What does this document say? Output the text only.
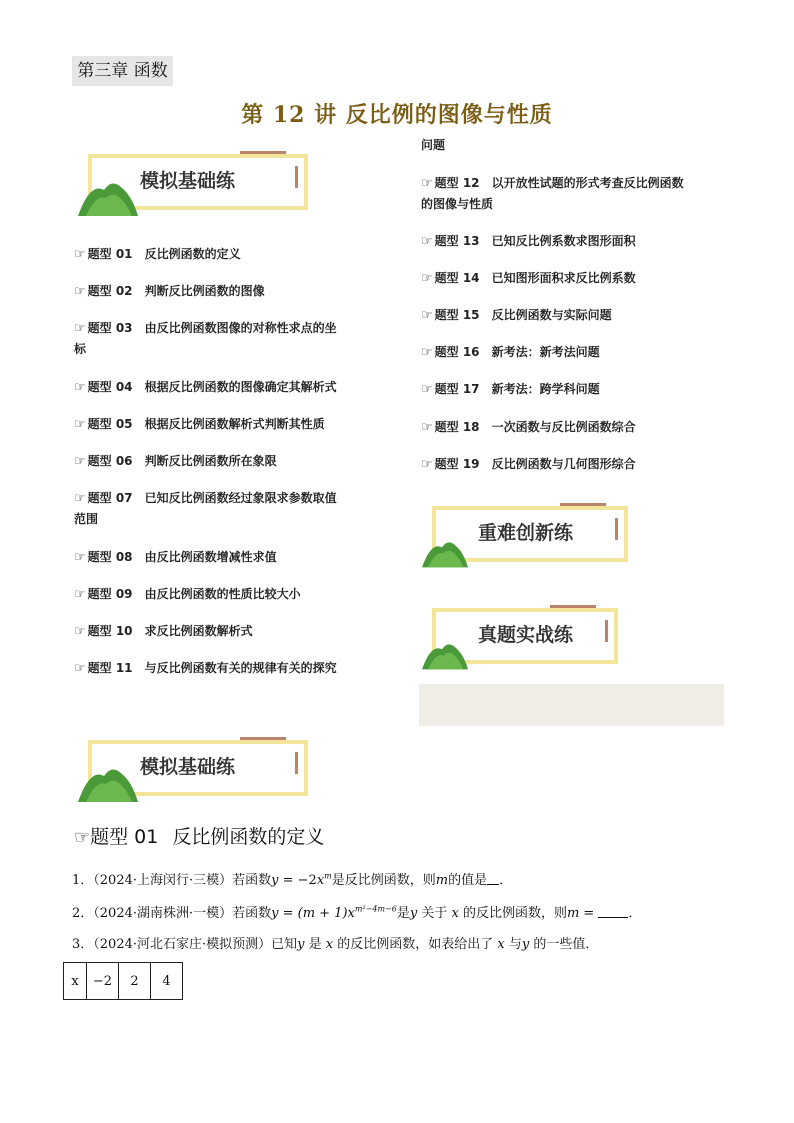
第三章 函数
第 12 讲 反比例的图像与性质
模拟基础练
☞ 题型 01 反比例函数的定义
☞ 题型 02 判断反比例函数的图像
☞ 题型 03 由反比例函数图像的对称性求点的坐
标
☞ 题型 04 根据反比例函数的图像确定其解析式
☞ 题型 05 根据反比例函数解析式判断其性质
☞ 题型 06 判断反比例函数所在象限
☞ 题型 07 已知反比例函数经过象限求参数取值
范围
☞ 题型 08 由反比例函数增减性求值
☞ 题型 09 由反比例函数的性质比较大小
☞ 题型 10 求反比例函数解析式
☞ 题型 11 与反比例函数有关的规律有关的探究
问题
☞ 题型 12 以开放性试题的形式考查反比例函数
的图像与性质
☞ 题型 13 已知反比例系数求图形面积
☞ 题型 14 已知图形面积求反比例系数
☞ 题型 15 反比例函数与实际问题
☞ 题型 16 新考法：新考法问题
☞ 题型 17 新考法：跨学科问题
☞ 题型 18 一次函数与反比例函数综合
☞ 题型 19 反比例函数与几何图形综合
重难创新练
真题实战练
模拟基础练
☞题型 01 反比例函数的定义
1．（2024·上海闵行·三模）若函数$y = -2x^m$是反比例函数，则m的值是 ．
2．（2024·湖南株洲·一模）若函数$y = (m + 1)x^{m^2-4m-6}$是y 关于 x 的反比例函数，则m =	．
3．（2024·河北石家庄·模拟预测）已知y 是 x 的反比例函数，如表给出了 x 与y 的一些值．
x	−2	2	4
